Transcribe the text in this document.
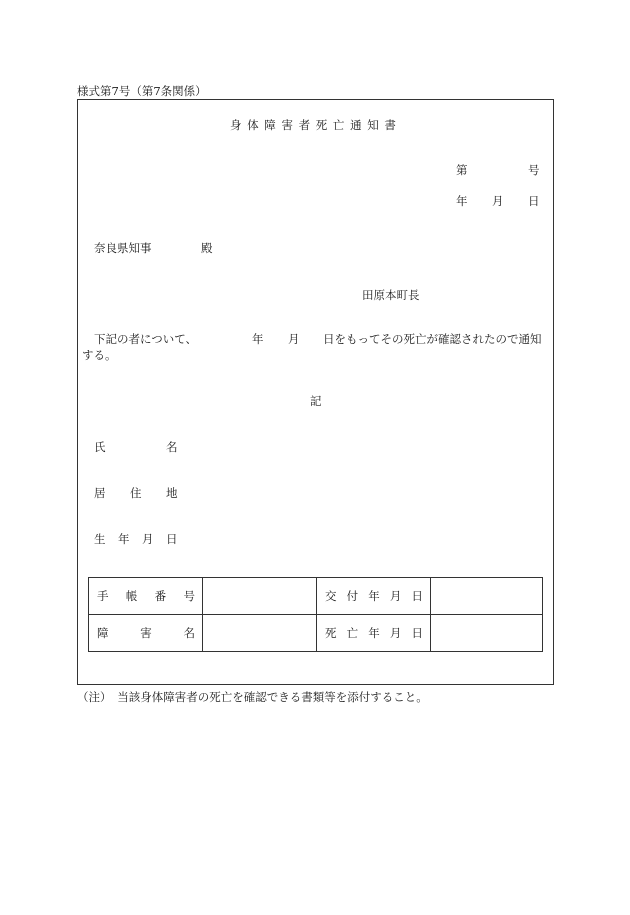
様式第7号（第7条関係）
身 体 障 害 者 死 亡 通 知 書
第	号
年 月 日
奈良県知事	殿
田原本町長
下記の者について、	年 月 日をもってその死亡が確認されたので通知
する。
記
氏	名
居 住 地
生 年 月 日
手 帳 番 号		交 付 年 月 日	

障 害 名		死 亡 年 月 日	

（注）　当該身体障害者の死亡を確認できる書類等を添付すること。
